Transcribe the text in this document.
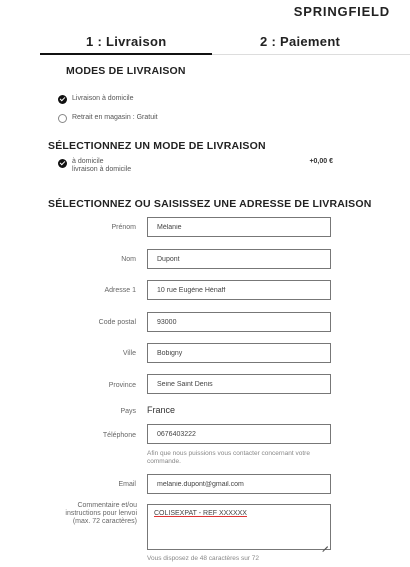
SPRINGFIELD
1 : Livraison	2 : Paiement
MODES DE LIVRAISON
Livraison à domicile
Retrait en magasin : Gratuit
SÉLECTIONNEZ UN MODE DE LIVRAISON
à domicile
livraison à domicile
+0,00 €
SÉLECTIONNEZ OU SAISISSEZ UNE ADRESSE DE LIVRAISON
Prénom
Mélanie
Nom
Dupont
Adresse 1
10 rue Eugène Hénaff
Code postal
93000
Ville
Bobigny
Province
Seine Saint Denis
Pays France
Téléphone
0676403222
Afin que nous puissions vous contacter concernant votre commande.
Email
melanie.dupont@gmail.com
Commentaire et/ou instructions pour lenvoi (max. 72 caractères)
COLISEXPAT - REF XXXXXX
Vous disposez de 48 caractères sur 72
